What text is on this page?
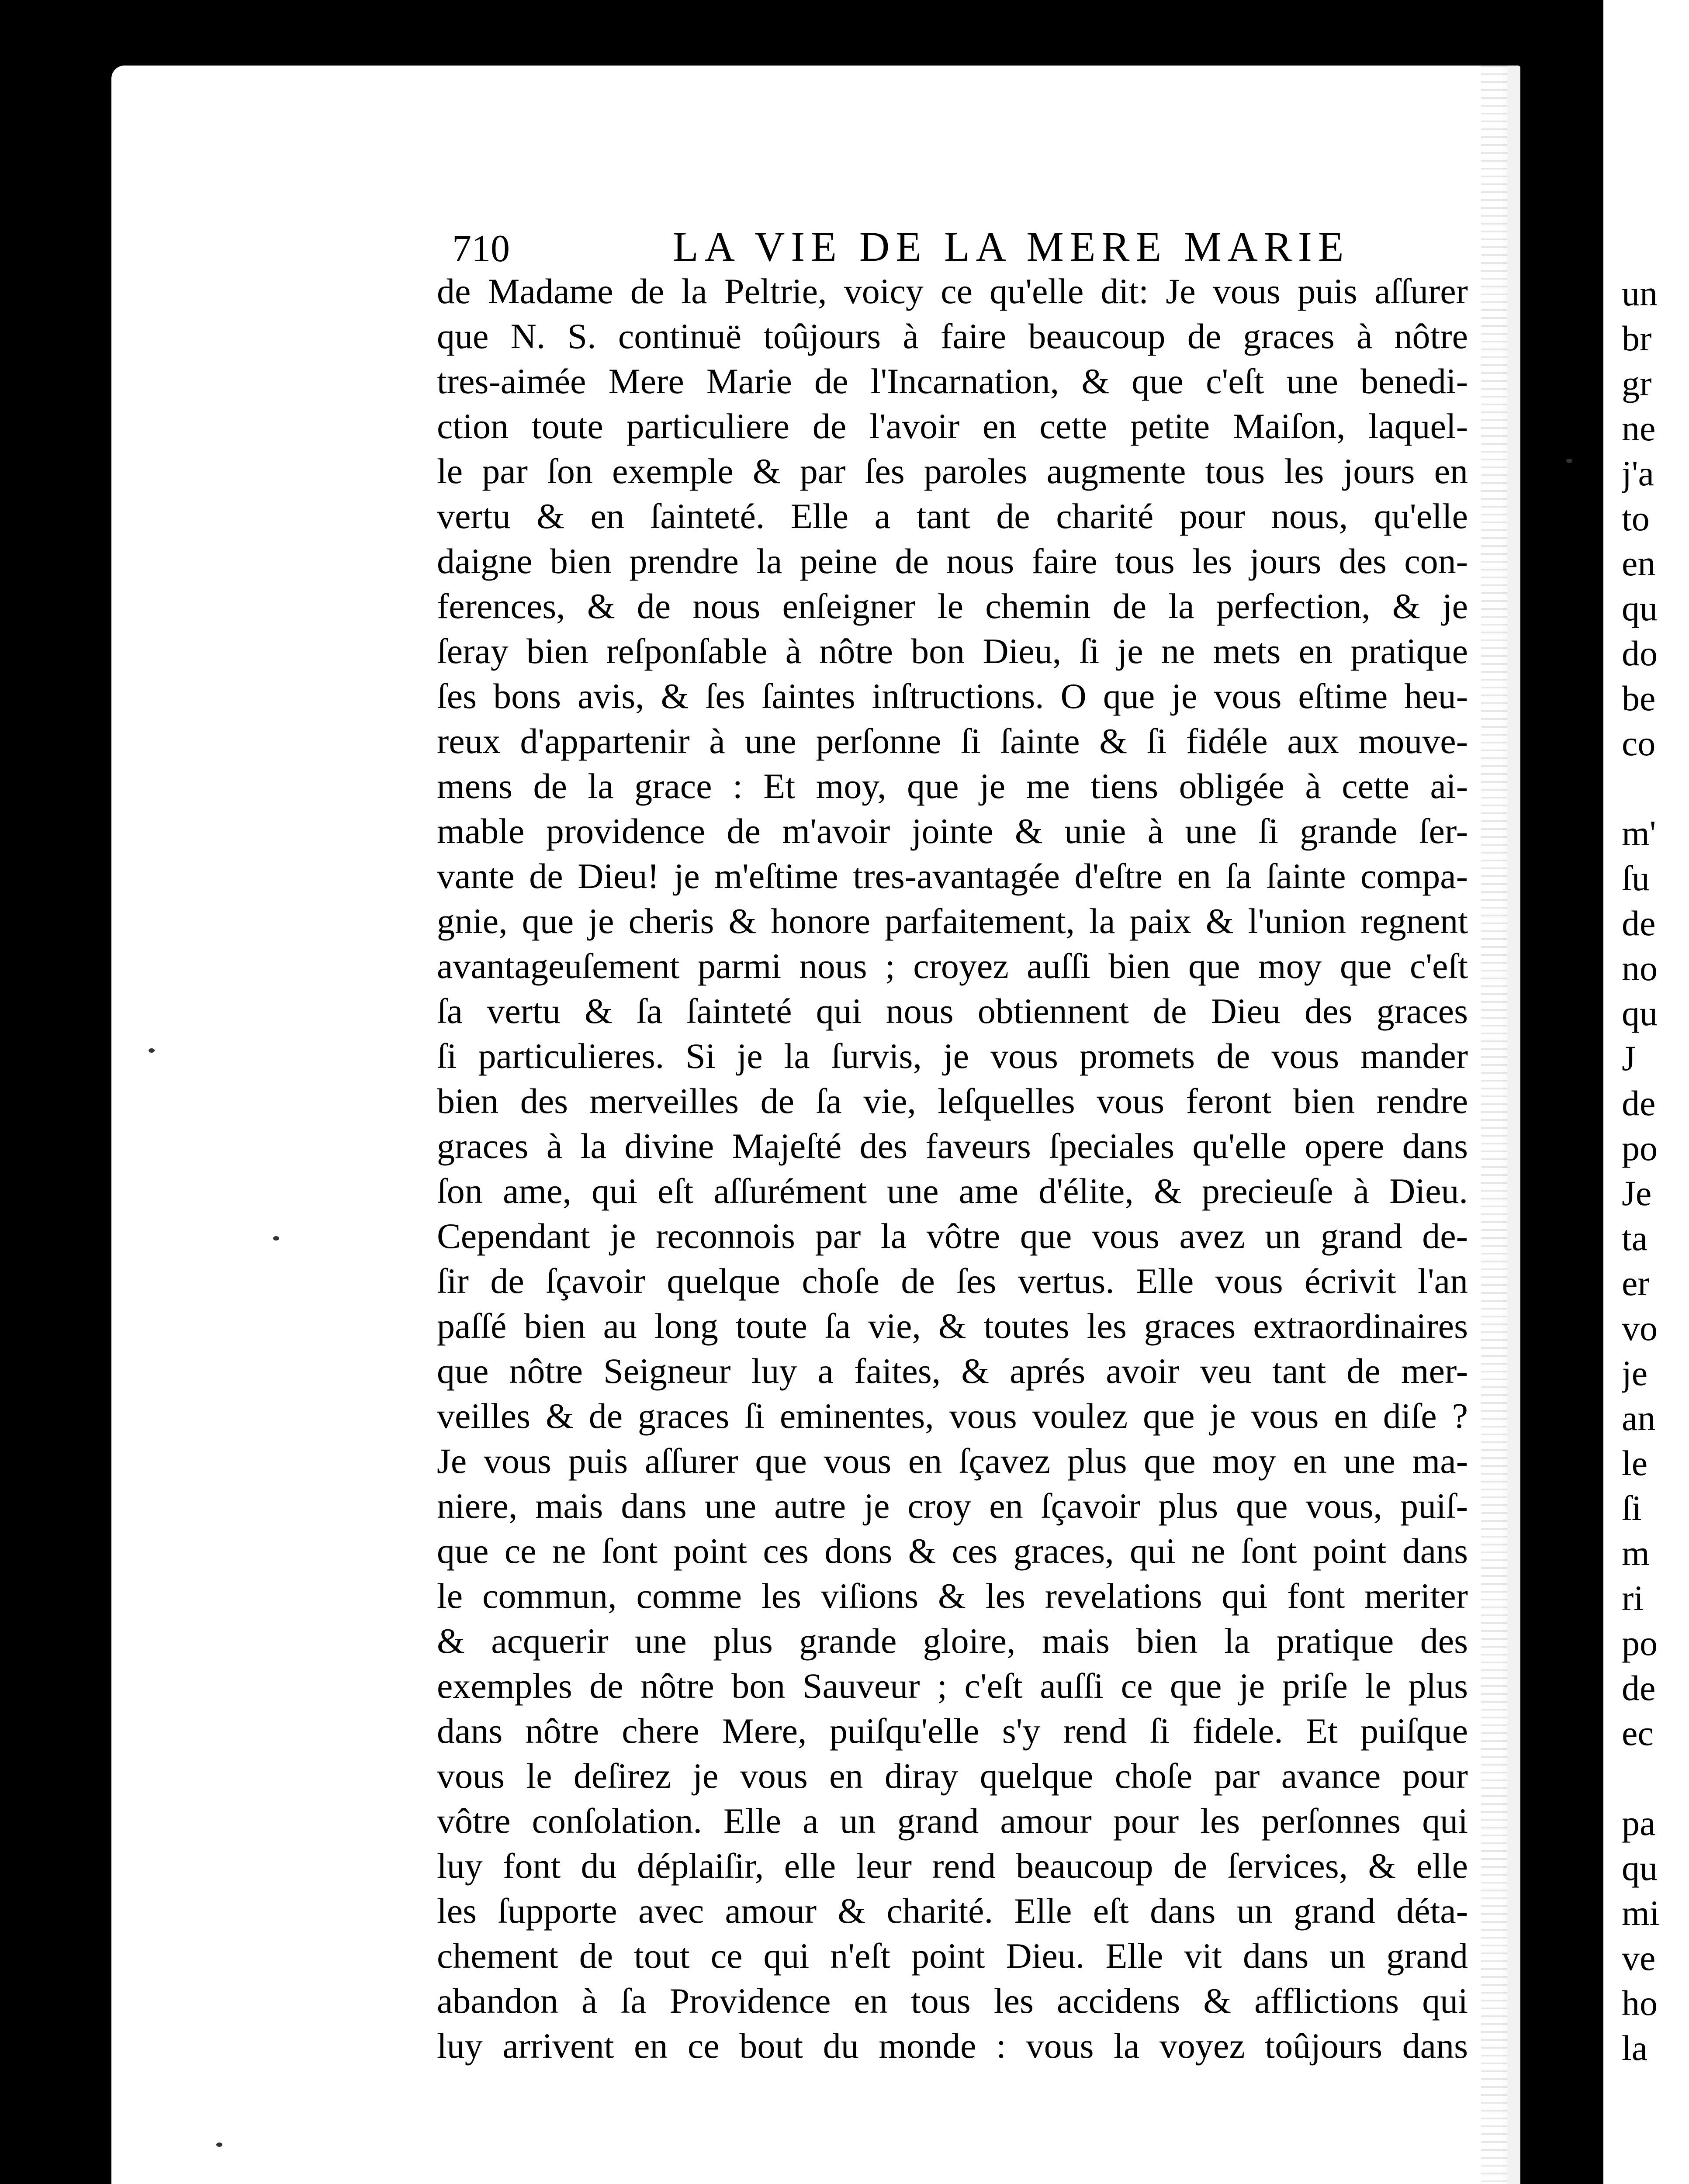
710	LA VIE DE LA MERE MARIE
de Madame de la Peltrie, voicy ce qu'elle dit: Je vous puis aſſurer
que N. S. continuë toûjours à faire beaucoup de graces à nôtre
tres-aimée Mere Marie de l'Incarnation, & que c'eſt une benedi-
ction toute particuliere de l'avoir en cette petite Maiſon, laquel-
le par ſon exemple & par ſes paroles augmente tous les jours en
vertu & en ſainteté. Elle a tant de charité pour nous, qu'elle
daigne bien prendre la peine de nous faire tous les jours des con-
ferences, & de nous enſeigner le chemin de la perfection, & je
ſeray bien reſponſable à nôtre bon Dieu, ſi je ne mets en pratique
ſes bons avis, & ſes ſaintes inſtructions. O que je vous eſtime heu-
reux d'appartenir à une perſonne ſi ſainte & ſi fidéle aux mouve-
mens de la grace : Et moy, que je me tiens obligée à cette ai-
mable providence de m'avoir jointe & unie à une ſi grande ſer-
vante de Dieu! je m'eſtime tres-avantagée d'eſtre en ſa ſainte compa-
gnie, que je cheris & honore parfaitement, la paix & l'union regnent
avantageuſement parmi nous ; croyez auſſi bien que moy que c'eſt
ſa vertu & ſa ſainteté qui nous obtiennent de Dieu des graces
ſi particulieres. Si je la ſurvis, je vous promets de vous mander
bien des merveilles de ſa vie, leſquelles vous feront bien rendre
graces à la divine Majeſté des faveurs ſpeciales qu'elle opere dans
ſon ame, qui eſt aſſurément une ame d'élite, & precieuſe à Dieu.
Cependant je reconnois par la vôtre que vous avez un grand de-
ſir de ſçavoir quelque choſe de ſes vertus. Elle vous écrivit l'an
paſſé bien au long toute ſa vie, & toutes les graces extraordinaires
que nôtre Seigneur luy a faites, & aprés avoir veu tant de mer-
veilles & de graces ſi eminentes, vous voulez que je vous en diſe ?
Je vous puis aſſurer que vous en ſçavez plus que moy en une ma-
niere, mais dans une autre je croy en ſçavoir plus que vous, puiſ-
que ce ne ſont point ces dons & ces graces, qui ne ſont point dans
le commun, comme les viſions & les revelations qui font meriter
& acquerir une plus grande gloire, mais bien la pratique des
exemples de nôtre bon Sauveur ; c'eſt auſſi ce que je priſe le plus
dans nôtre chere Mere, puiſqu'elle s'y rend ſi fidele. Et puiſque
vous le deſirez je vous en diray quelque choſe par avance pour
vôtre conſolation. Elle a un grand amour pour les perſonnes qui
luy font du déplaiſir, elle leur rend beaucoup de ſervices, & elle
les ſupporte avec amour & charité. Elle eſt dans un grand déta-
chement de tout ce qui n'eſt point Dieu. Elle vit dans un grand
abandon à ſa Providence en tous les accidens & afflictions qui
luy arrivent en ce bout du monde : vous la voyez toûjours dans
un
br
gr
ne
j'a
to
en
qu
do
be
co
m'
ſu
de
no
qu
J
de
po
Je
ta
er
vo
je
an
le
ſi
m
ri
po
de
ec
pa
qu
mi
ve
ho
la
